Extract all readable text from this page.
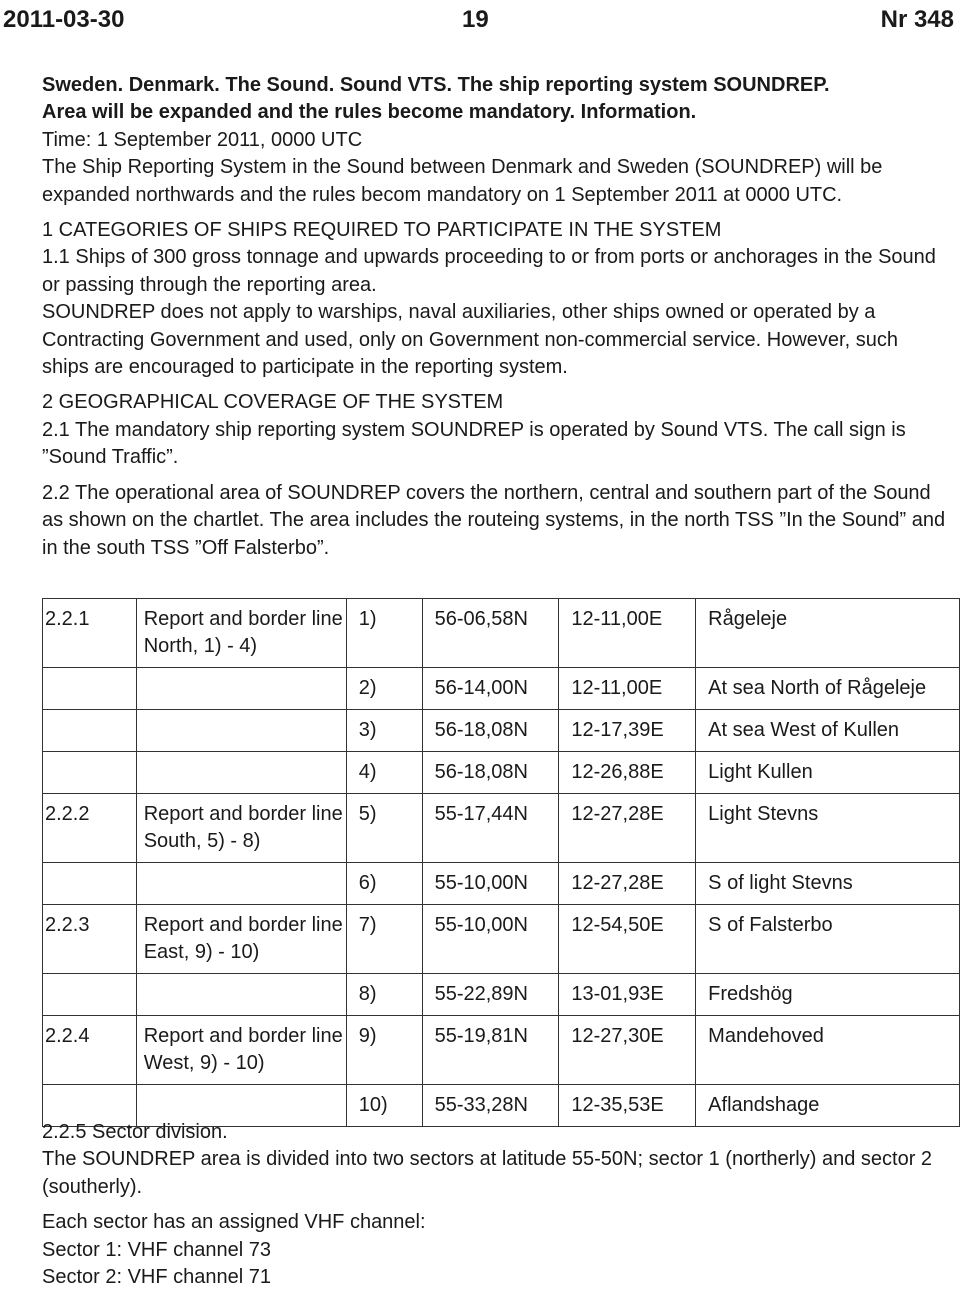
2011-03-30	19	Nr 348

Sweden. Denmark. The Sound. Sound VTS. The ship reporting system SOUNDREP.

Area will be expanded and the rules become mandatory. Information.

Time: 1 September 2011, 0000 UTC

The Ship Reporting System in the Sound between Denmark and Sweden (SOUNDREP) will be expanded northwards and the rules becom mandatory on 1 September 2011 at 0000 UTC.

1 CATEGORIES OF SHIPS REQUIRED TO PARTICIPATE IN THE SYSTEM

1.1 Ships of 300 gross tonnage and upwards proceeding to or from ports or anchorages in the Sound or passing through the reporting area.

SOUNDREP does not apply to warships, naval auxiliaries, other ships owned or operated by a Contracting Government and used, only on Government non-commercial service. However, such ships are encouraged to participate in the reporting system.

2 GEOGRAPHICAL COVERAGE OF THE SYSTEM

2.1 The mandatory ship reporting system SOUNDREP is operated by Sound VTS. The call sign is ”Sound Traffic”.

2.2 The operational area of SOUNDREP covers the northern, central and southern part of the Sound as shown on the chartlet. The area includes the routeing systems, in the north TSS ”In the Sound” and in the south TSS ”Off Falsterbo”.

2.2.1	Report and border line North, 1) - 4)	1)	56-06,58N	12-11,00E	Rågeleje
		2)	56-14,00N	12-11,00E	At sea North of Rågeleje
		3)	56-18,08N	12-17,39E	At sea West of Kullen
		4)	56-18,08N	12-26,88E	Light Kullen
2.2.2	Report and border line South, 5) - 8)	5)	55-17,44N	12-27,28E	Light Stevns
		6)	55-10,00N	12-27,28E	S of light Stevns
2.2.3	Report and border line East, 9) - 10)	7)	55-10,00N	12-54,50E	S of Falsterbo
		8)	55-22,89N	13-01,93E	Fredshög
2.2.4	Report and border line West, 9) - 10)	9)	55-19,81N	12-27,30E	Mandehoved
		10)	55-33,28N	12-35,53E	Aflandshage

2.2.5 Sector division.

The SOUNDREP area is divided into two sectors at latitude 55-50N; sector 1 (northerly) and sector 2 (southerly).

Each sector has an assigned VHF channel:

Sector 1: VHF channel 73

Sector 2: VHF channel 71
